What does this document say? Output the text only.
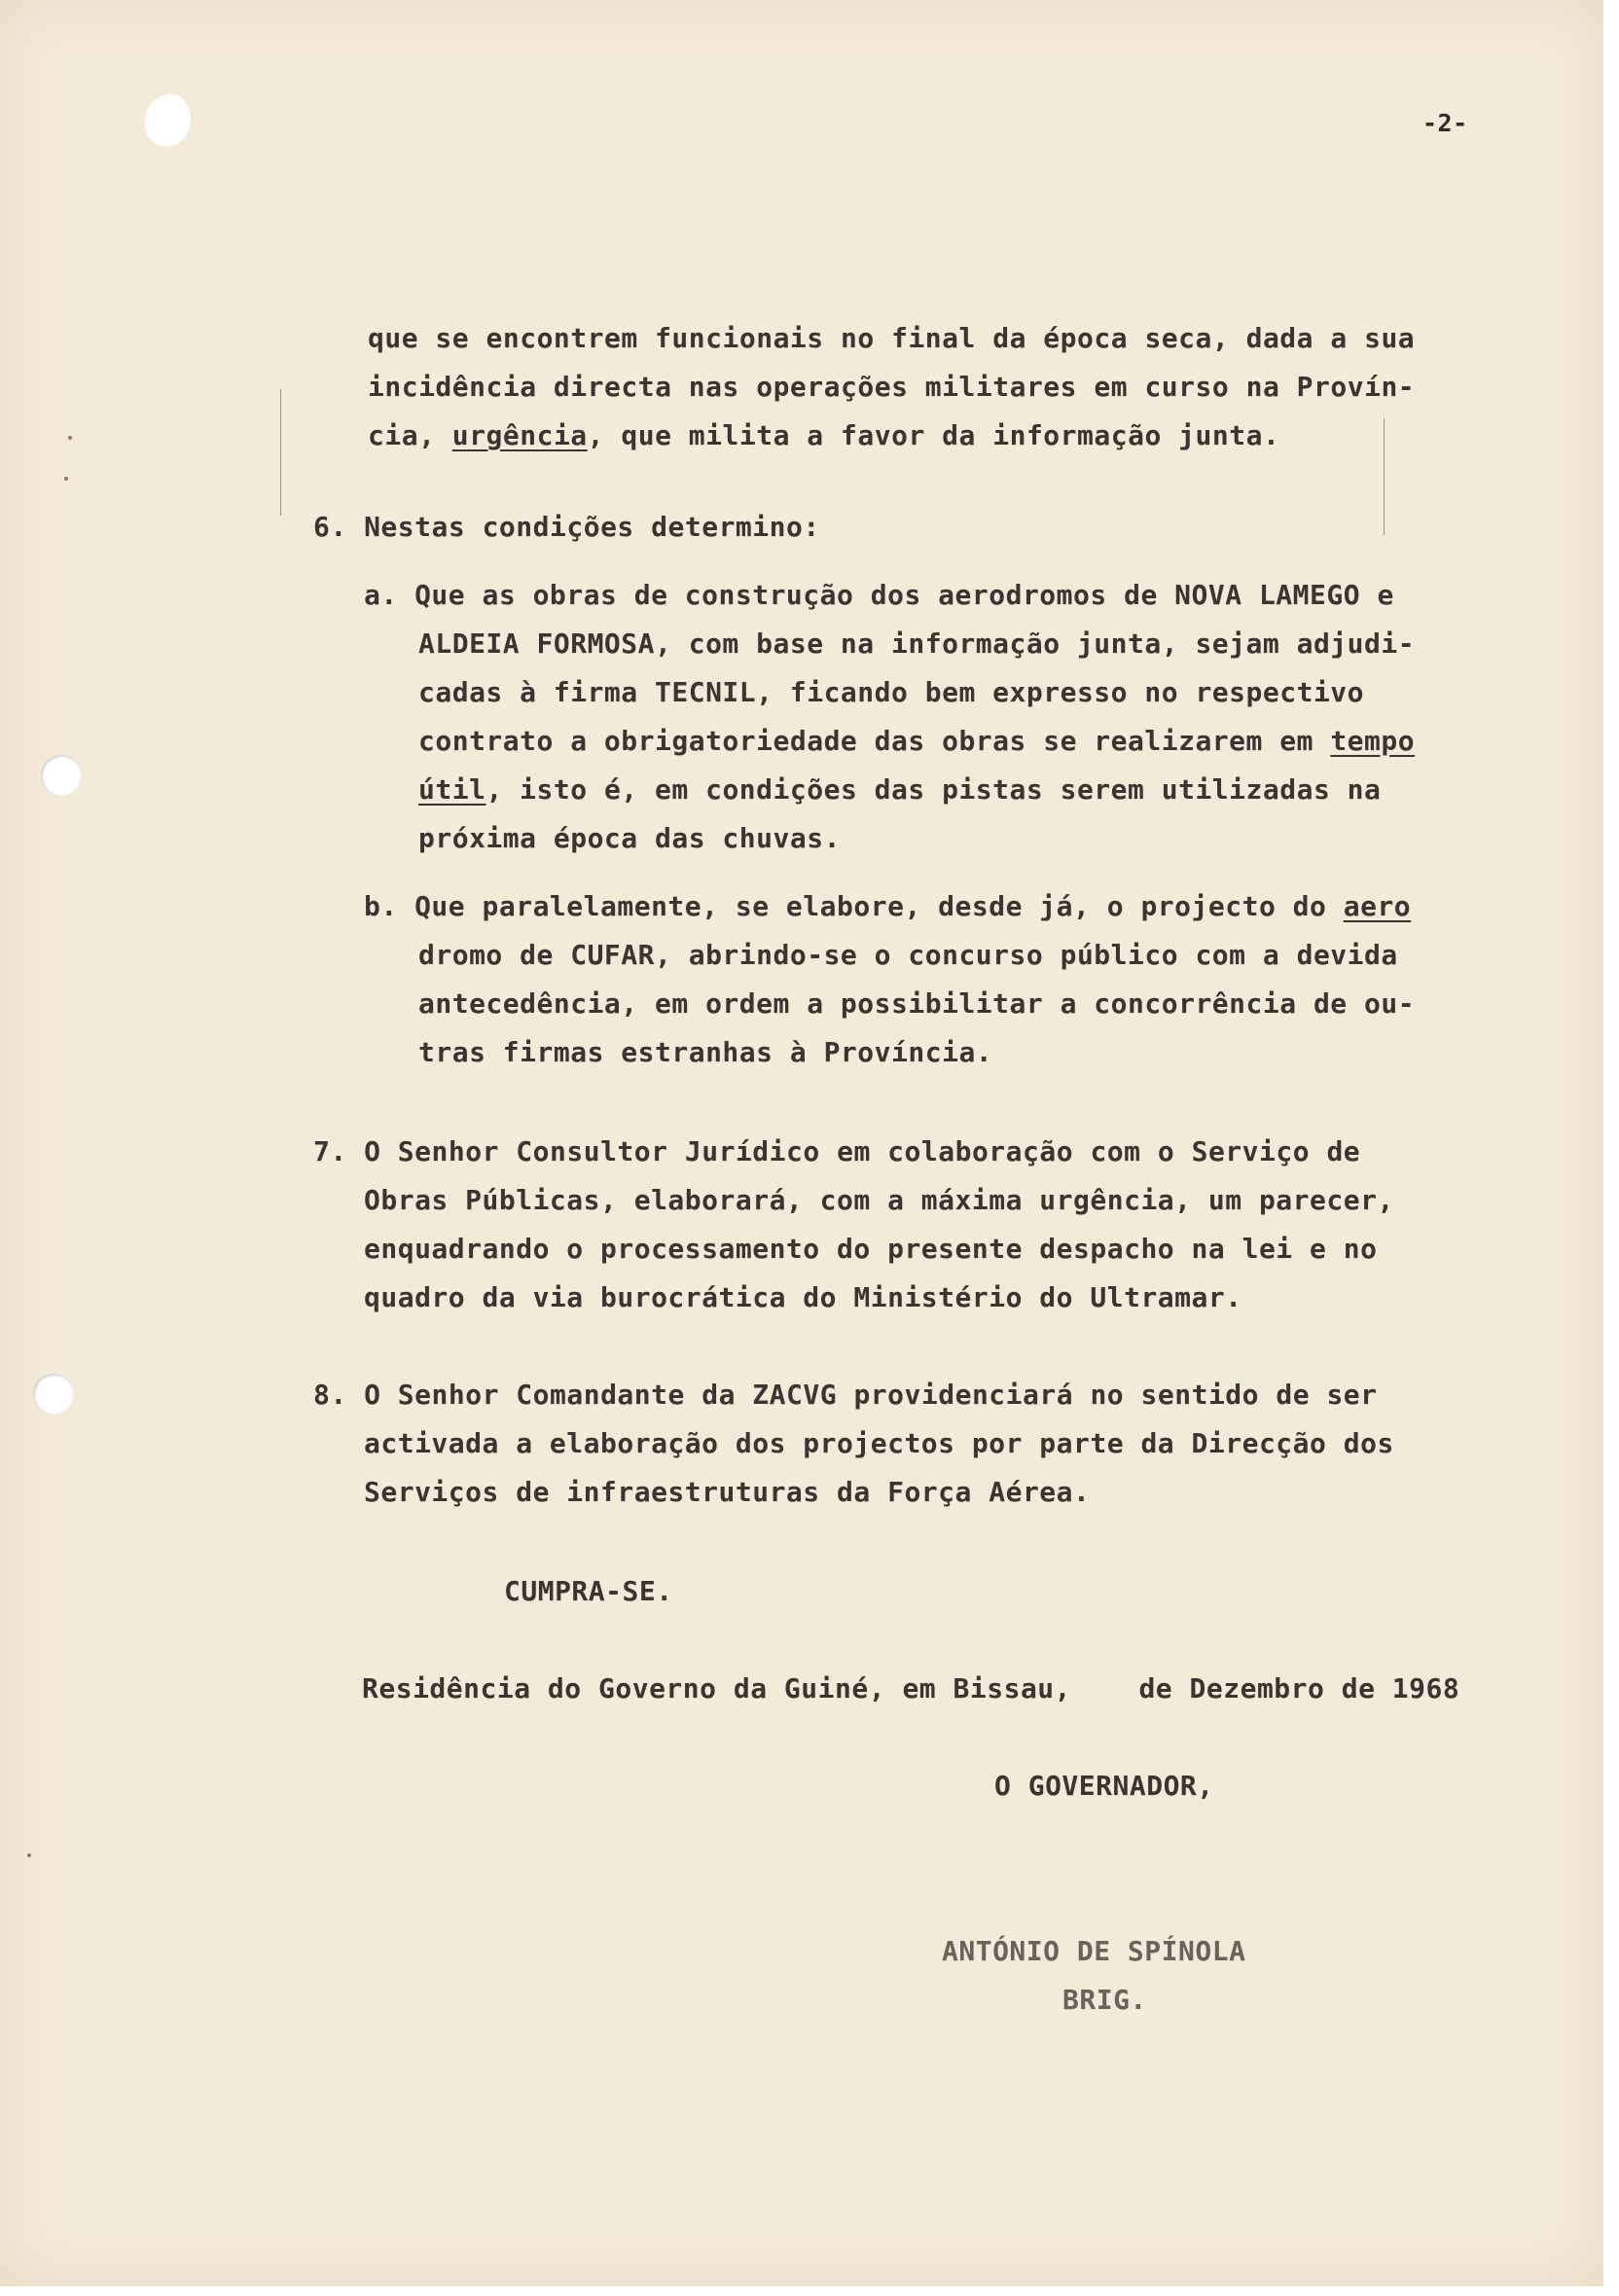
-2-
que se encontrem funcionais no final da época seca, dada a sua
incidência directa nas operações militares em curso na Provín-
cia, urgência, que milita a favor da informação junta.
6. Nestas condições determino:
a. Que as obras de construção dos aerodromos de NOVA LAMEGO e
ALDEIA FORMOSA, com base na informação junta, sejam adjudi-
cadas à firma TECNIL, ficando bem expresso no respectivo
contrato a obrigatoriedade das obras se realizarem em tempo
útil, isto é, em condições das pistas serem utilizadas na
próxima época das chuvas.
b. Que paralelamente, se elabore, desde já, o projecto do aero
dromo de CUFAR, abrindo-se o concurso público com a devida
antecedência, em ordem a possibilitar a concorrência de ou-
tras firmas estranhas à Província.
7. O Senhor Consultor Jurídico em colaboração com o Serviço de
Obras Públicas, elaborará, com a máxima urgência, um parecer,
enquadrando o processamento do presente despacho na lei e no
quadro da via burocrática do Ministério do Ultramar.
8. O Senhor Comandante da ZACVG providenciará no sentido de ser
activada a elaboração dos projectos por parte da Direcção dos
Serviços de infraestruturas da Força Aérea.
CUMPRA-SE.
Residência do Governo da Guiné, em Bissau,    de Dezembro de 1968
O GOVERNADOR,
ANTÓNIO DE SPÍNOLA
BRIG.
